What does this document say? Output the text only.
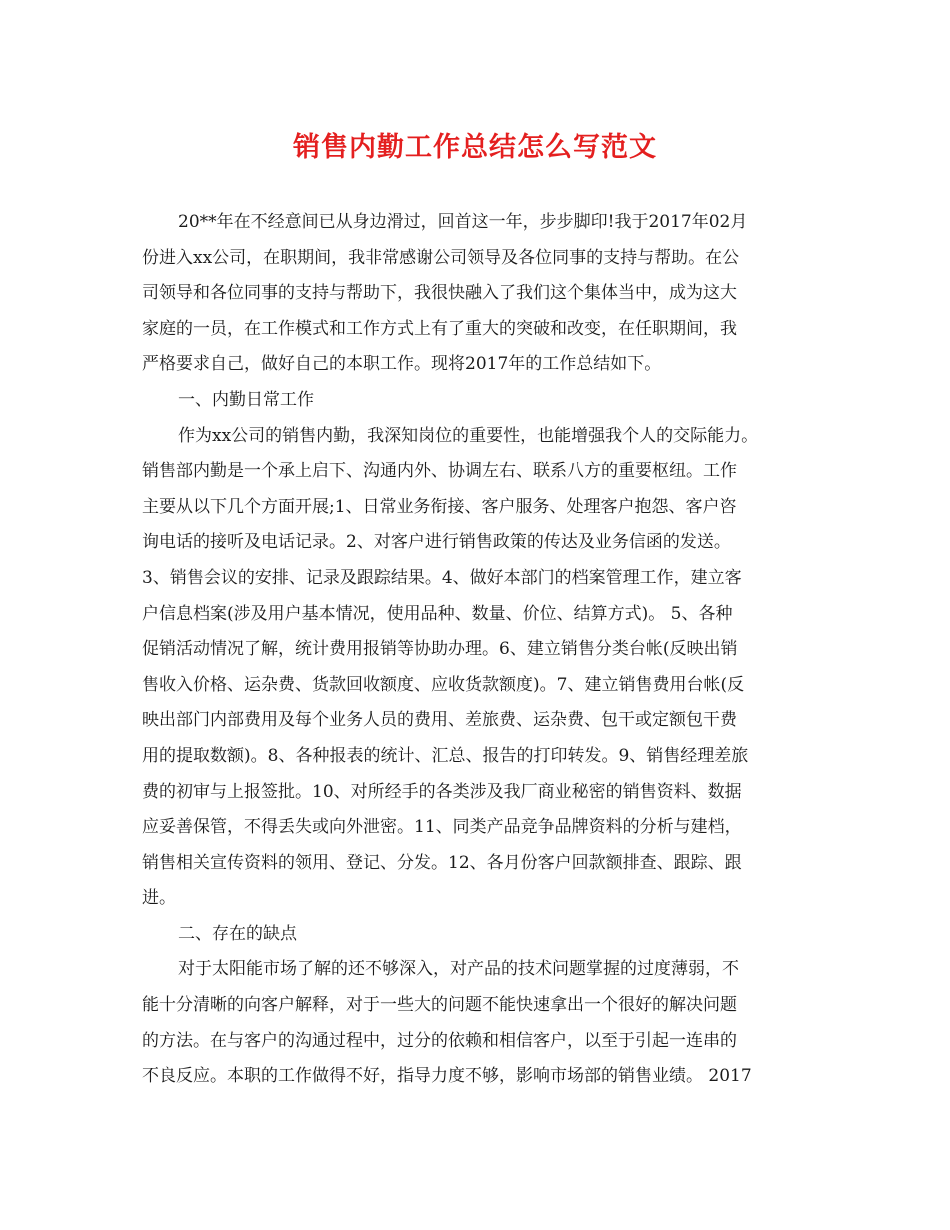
销售内勤工作总结怎么写范文
20**年在不经意间已从身边滑过，回首这一年，步步脚印!我于2017年02月
份进入xx公司，在职期间，我非常感谢公司领导及各位同事的支持与帮助。在公
司领导和各位同事的支持与帮助下，我很快融入了我们这个集体当中，成为这大
家庭的一员，在工作模式和工作方式上有了重大的突破和改变，在任职期间，我
严格要求自己，做好自己的本职工作。现将2017年的工作总结如下。
一、内勤日常工作
作为xx公司的销售内勤，我深知岗位的重要性，也能增强我个人的交际能力。
销售部内勤是一个承上启下、沟通内外、协调左右、联系八方的重要枢纽。工作
主要从以下几个方面开展;1、日常业务衔接、客户服务、处理客户抱怨、客户咨
询电话的接听及电话记录。2、对客户进行销售政策的传达及业务信函的发送。
3、销售会议的安排、记录及跟踪结果。4、做好本部门的档案管理工作，建立客
户信息档案(涉及用户基本情况，使用品种、数量、价位、结算方式)。 5、各种
促销活动情况了解，统计费用报销等协助办理。6、建立销售分类台帐(反映出销
售收入价格、运杂费、货款回收额度、应收货款额度)。7、建立销售费用台帐(反
映出部门内部费用及每个业务人员的费用、差旅费、运杂费、包干或定额包干费
用的提取数额)。8、各种报表的统计、汇总、报告的打印转发。9、销售经理差旅
费的初审与上报签批。10、对所经手的各类涉及我厂商业秘密的销售资料、数据
应妥善保管，不得丢失或向外泄密。11、同类产品竞争品牌资料的分析与建档，
销售相关宣传资料的领用、登记、分发。12、各月份客户回款额排查、跟踪、跟
进。
二、存在的缺点
对于太阳能市场了解的还不够深入，对产品的技术问题掌握的过度薄弱，不
能十分清晰的向客户解释，对于一些大的问题不能快速拿出一个很好的解决问题
的方法。在与客户的沟通过程中，过分的依赖和相信客户，以至于引起一连串的
不良反应。本职的工作做得不好，指导力度不够，影响市场部的销售业绩。 2017
